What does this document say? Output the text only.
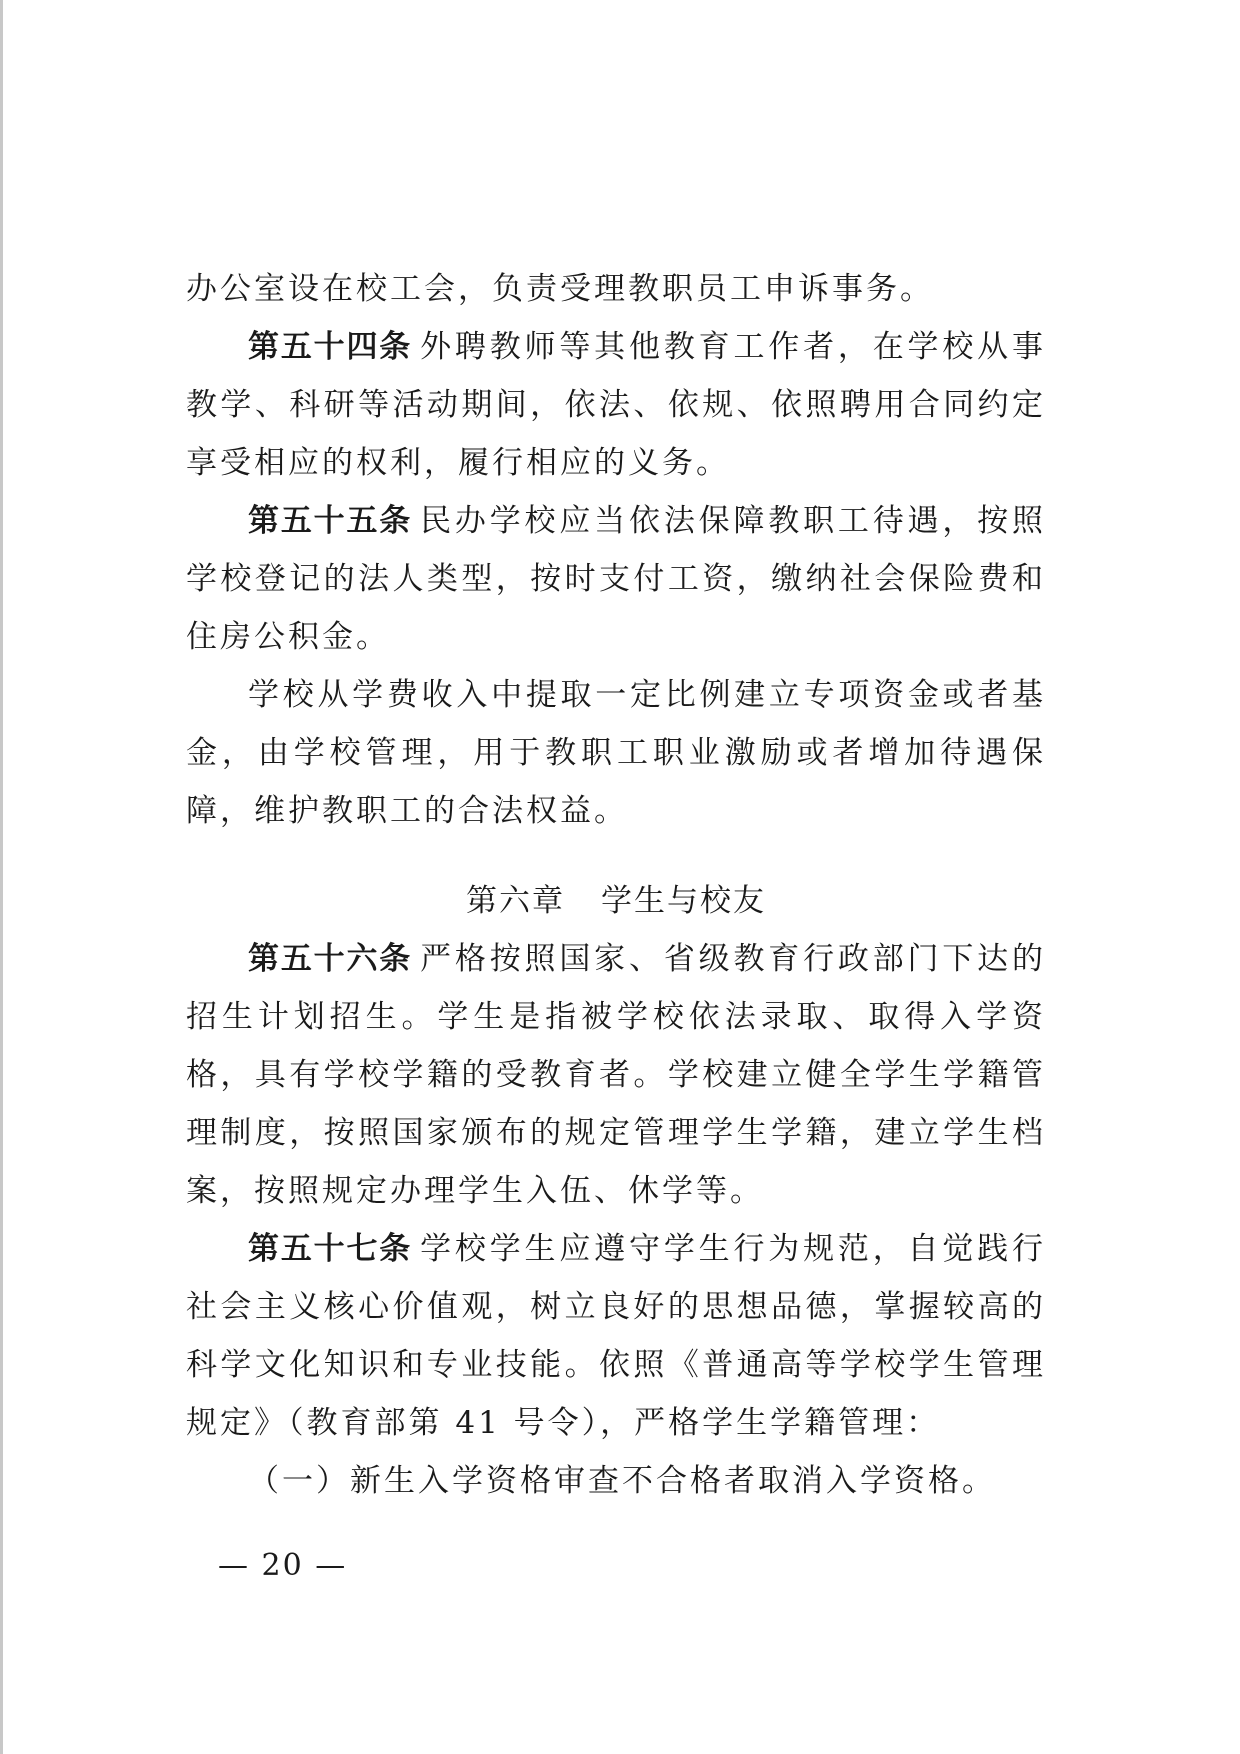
办公室设在校工会，负责受理教职员工申诉事务。

第五十四条 外聘教师等其他教育工作者，在学校从事教学、科研等活动期间，依法、依规、依照聘用合同约定享受相应的权利，履行相应的义务。

第五十五条 民办学校应当依法保障教职工待遇，按照学校登记的法人类型，按时支付工资，缴纳社会保险费和住房公积金。

学校从学费收入中提取一定比例建立专项资金或者基金，由学校管理，用于教职工职业激励或者增加待遇保障，维护教职工的合法权益。

第六章 学生与校友

第五十六条 严格按照国家、省级教育行政部门下达的招生计划招生。学生是指被学校依法录取、取得入学资格，具有学校学籍的受教育者。学校建立健全学生学籍管理制度，按照国家颁布的规定管理学生学籍，建立学生档案，按照规定办理学生入伍、休学等。

第五十七条 学校学生应遵守学生行为规范，自觉践行社会主义核心价值观，树立良好的思想品德，掌握较高的科学文化知识和专业技能。依照《普通高等学校学生管理规定》（教育部第 41 号令），严格学生学籍管理：

（一）新生入学资格审查不合格者取消入学资格。

— 20 —
